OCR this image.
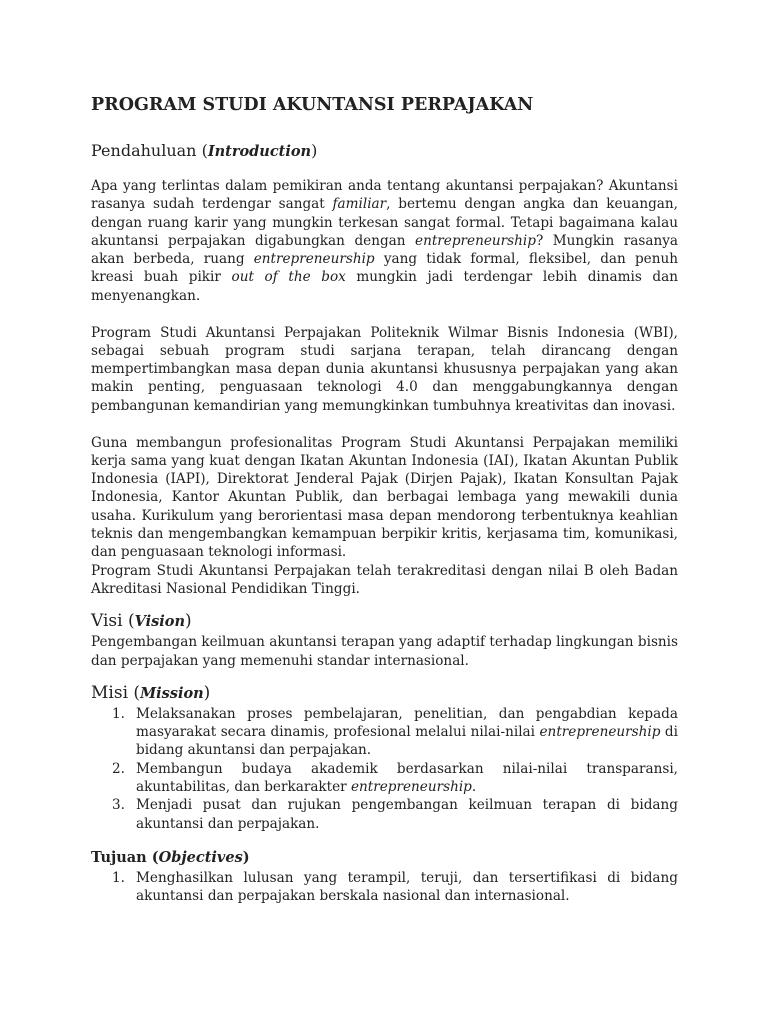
PROGRAM STUDI AKUNTANSI PERPAJAKAN
Pendahuluan (Introduction)

Apa yang terlintas dalam pemikiran anda tentang akuntansi perpajakan? Akuntansi rasanya sudah terdengar sangat familiar, bertemu dengan angka dan keuangan, dengan ruang karir yang mungkin terkesan sangat formal. Tetapi bagaimana kalau akuntansi perpajakan digabungkan dengan entrepreneurship? Mungkin rasanya akan berbeda, ruang entrepreneurship yang tidak formal, fleksibel, dan penuh kreasi buah pikir out of the box mungkin jadi terdengar lebih dinamis dan menyenangkan.

Program Studi Akuntansi Perpajakan Politeknik Wilmar Bisnis Indonesia (WBI), sebagai sebuah program studi sarjana terapan, telah dirancang dengan mempertimbangkan masa depan dunia akuntansi khususnya perpajakan yang akan makin penting, penguasaan teknologi 4.0 dan menggabungkannya dengan pembangunan kemandirian yang memungkinkan tumbuhnya kreativitas dan inovasi.

Guna membangun profesionalitas Program Studi Akuntansi Perpajakan memiliki kerja sama yang kuat dengan Ikatan Akuntan Indonesia (IAI), Ikatan Akuntan Publik Indonesia (IAPI), Direktorat Jenderal Pajak (Dirjen Pajak), Ikatan Konsultan Pajak Indonesia, Kantor Akuntan Publik, dan berbagai lembaga yang mewakili dunia usaha. Kurikulum yang berorientasi masa depan mendorong terbentuknya keahlian teknis dan mengembangkan kemampuan berpikir kritis, kerjasama tim, komunikasi, dan penguasaan teknologi informasi.

Program Studi Akuntansi Perpajakan telah terakreditasi dengan nilai B oleh Badan Akreditasi Nasional Pendidikan Tinggi.

Visi (Vision)

Pengembangan keilmuan akuntansi terapan yang adaptif terhadap lingkungan bisnis dan perpajakan yang memenuhi standar internasional.

Misi (Mission)
1. Melaksanakan proses pembelajaran, penelitian, dan pengabdian kepada masyarakat secara dinamis, profesional melalui nilai-nilai entrepreneurship di bidang akuntansi dan perpajakan.
2. Membangun budaya akademik berdasarkan nilai-nilai transparansi, akuntabilitas, dan berkarakter entrepreneurship.
3. Menjadi pusat dan rujukan pengembangan keilmuan terapan di bidang akuntansi dan perpajakan.
Tujuan (Objectives)
1. Menghasilkan lulusan yang terampil, teruji, dan tersertifikasi di bidang akuntansi dan perpajakan berskala nasional dan internasional.
